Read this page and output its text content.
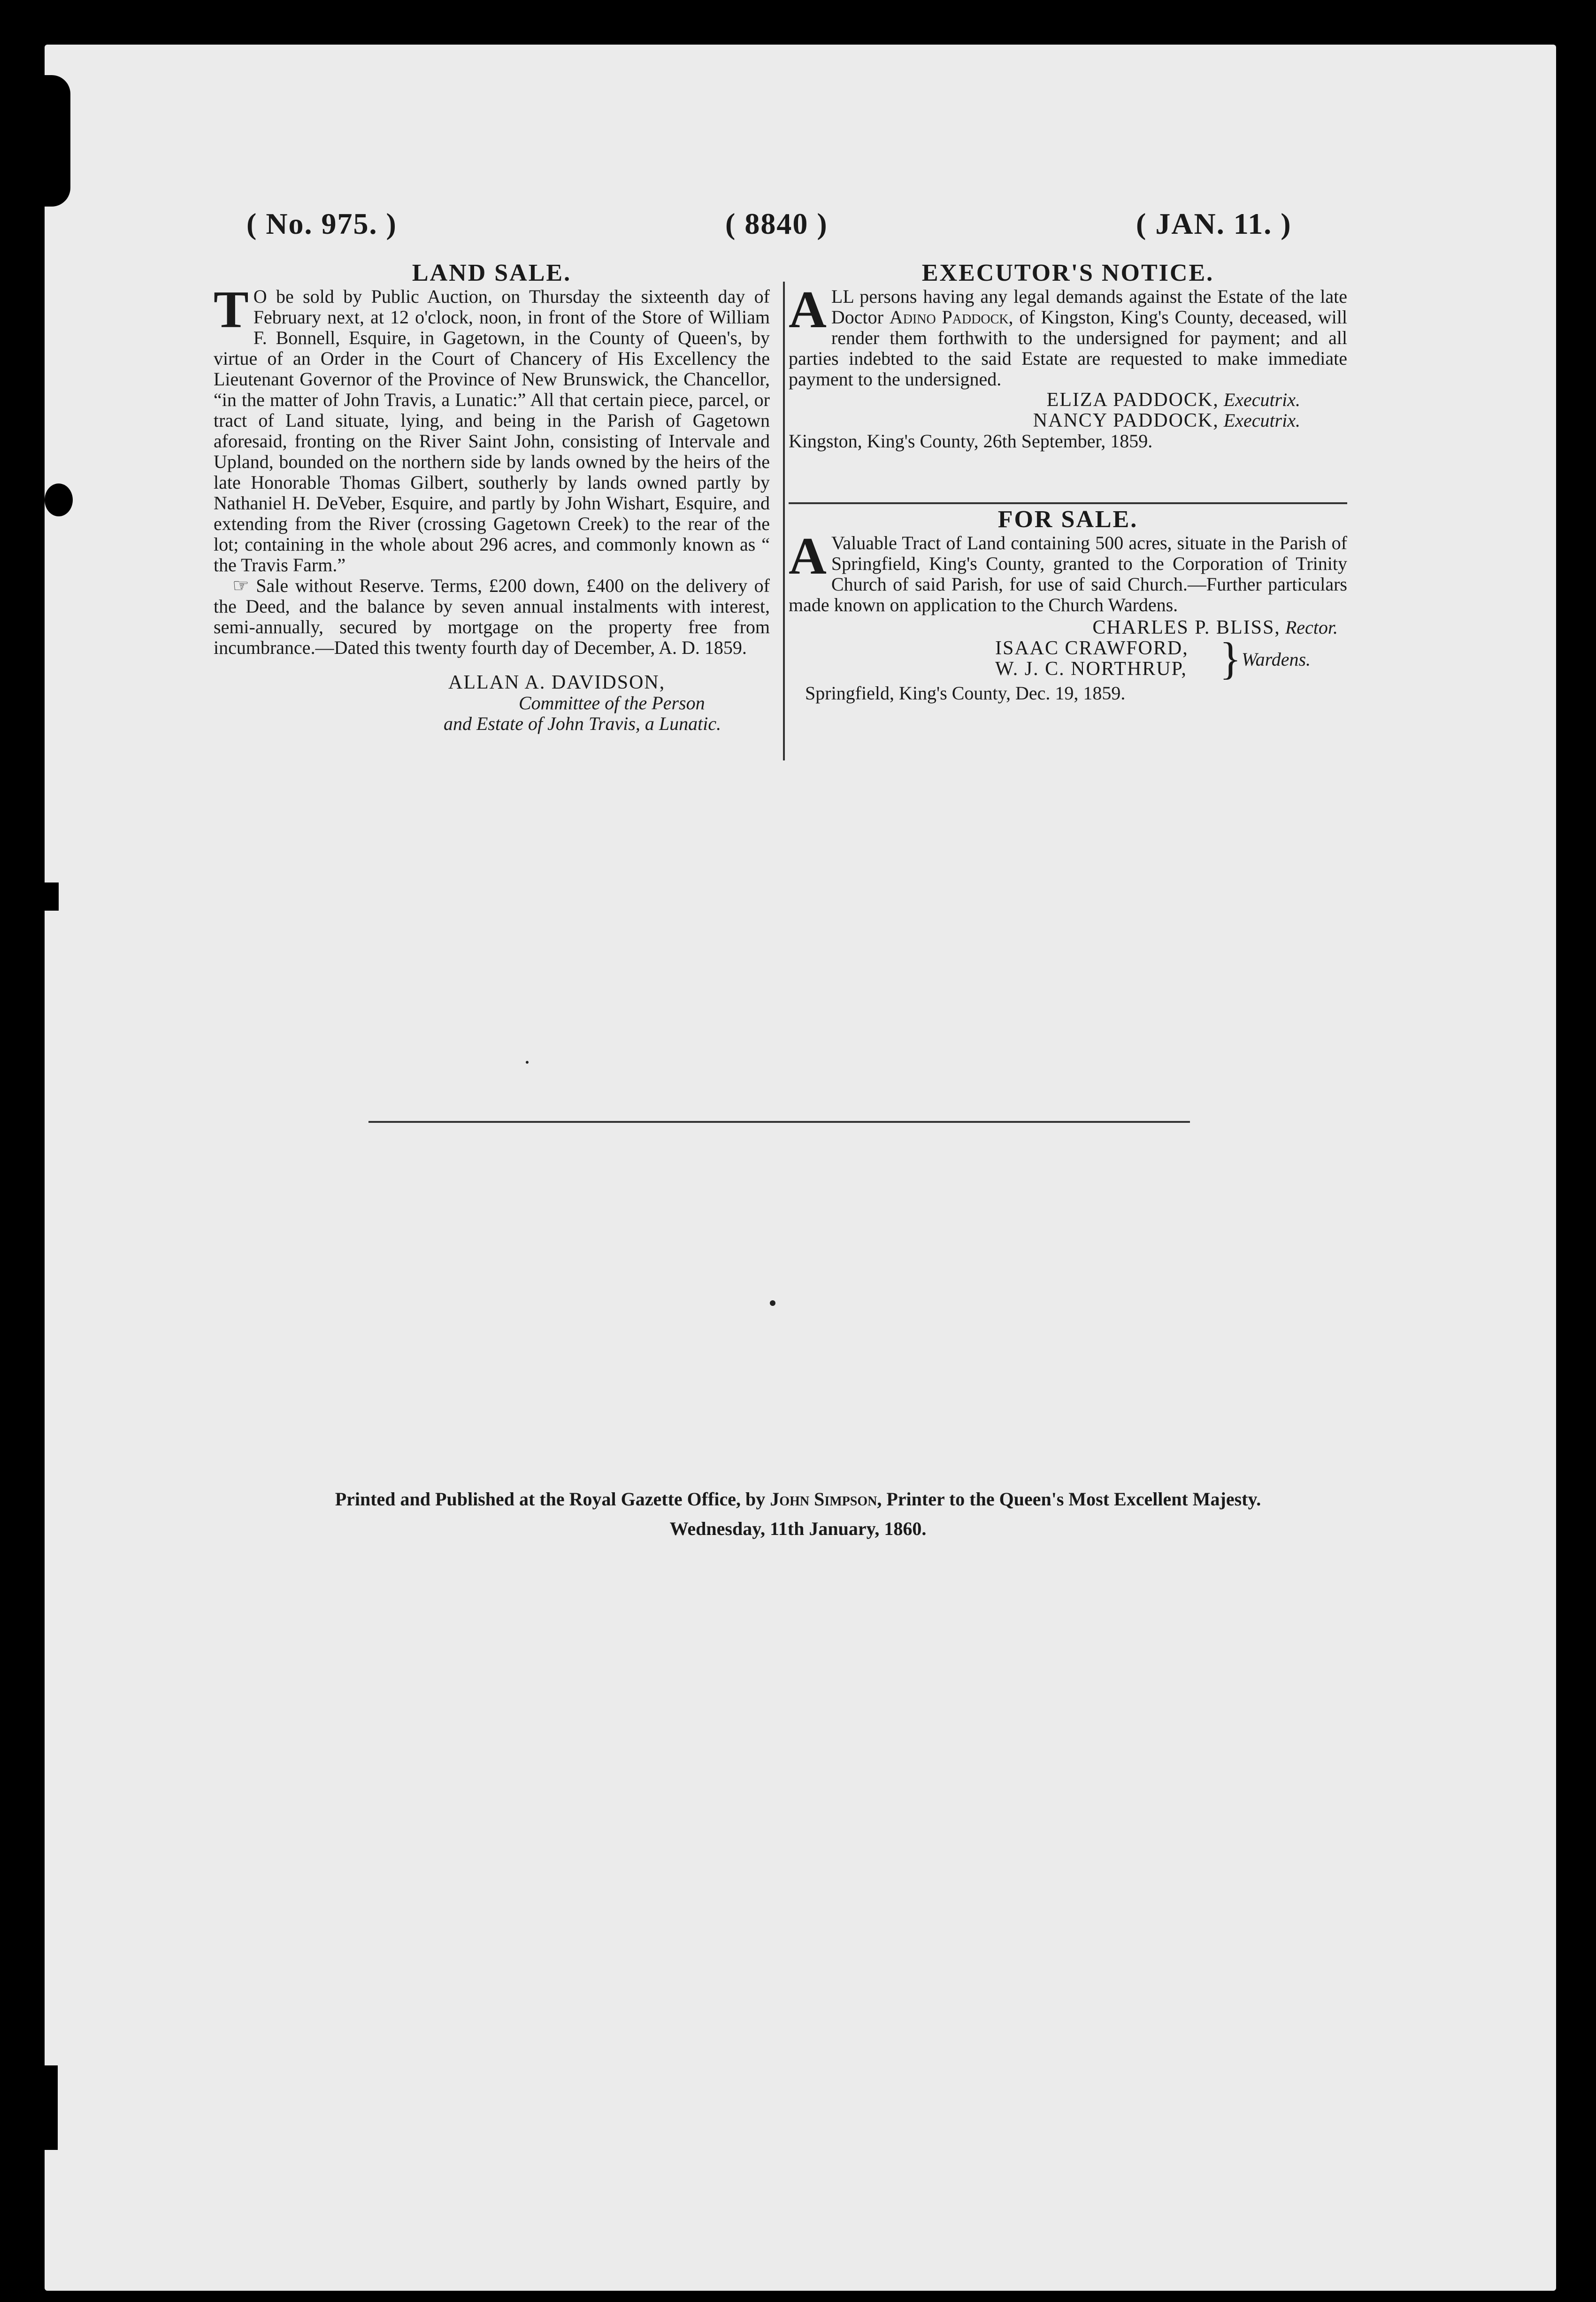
( No. 975. )	( 8840 )	( JAN. 11. )
LAND SALE.

T O be sold by Public Auction, on Thursday the sixteenth day of February next, at 12 o'clock, noon, in front of the Store of William F. Bonnell, Esquire, in Gagetown, in the County of Queen's, by virtue of an Order in the Court of Chancery of His Excellency the Lieutenant Governor of the Province of New Brunswick, the Chancellor, “in the matter of John Travis, a Lunatic:” All that certain piece, parcel, or tract of Land situate, lying, and being in the Parish of Gagetown aforesaid, fronting on the River Saint John, consisting of Intervale and Upland, bounded on the northern side by lands owned by the heirs of the late Honorable Thomas Gilbert, southerly by lands owned partly by Nathaniel H. DeVeber, Esquire, and partly by John Wishart, Esquire, and extending from the River (crossing Gagetown Creek) to the rear of the lot; containing in the whole about 296 acres, and commonly known as “ the Travis Farm.”

☞ Sale without Reserve. Terms, £200 down, £400 on the delivery of the Deed, and the balance by seven annual instalments with interest, semi-annually, secured by mortgage on the property free from incumbrance.—Dated this twenty fourth day of December, A. D. 1859.

ALLAN A. DAVIDSON,
Committee of the Person
and Estate of John Travis, a Lunatic.
EXECUTOR'S NOTICE.

ALL persons having any legal demands against the Estate of the late Doctor Adino Paddock, of Kingston, King's County, deceased, will render them forthwith to the undersigned for payment; and all parties indebted to the said Estate are requested to make immediate payment to the undersigned.

ELIZA PADDOCK, Executrix.
NANCY PADDOCK, Executrix.
Kingston, King's County, 26th September, 1859.
FOR SALE.

A Valuable Tract of Land containing 500 acres, situate in the Parish of Springfield, King's County, granted to the Corporation of Trinity Church of said Parish, for use of said Church.—Further particulars made known on application to the Church Wardens.

CHARLES P. BLISS, Rector.
ISAAC CRAWFORD,
W. J. C. NORTHRUP, } Wardens.
Springfield, King's County, Dec. 19, 1859.
Printed and Published at the Royal Gazette Office, by John Simpson, Printer to the Queen's Most Excellent Majesty.
Wednesday, 11th January, 1860.
